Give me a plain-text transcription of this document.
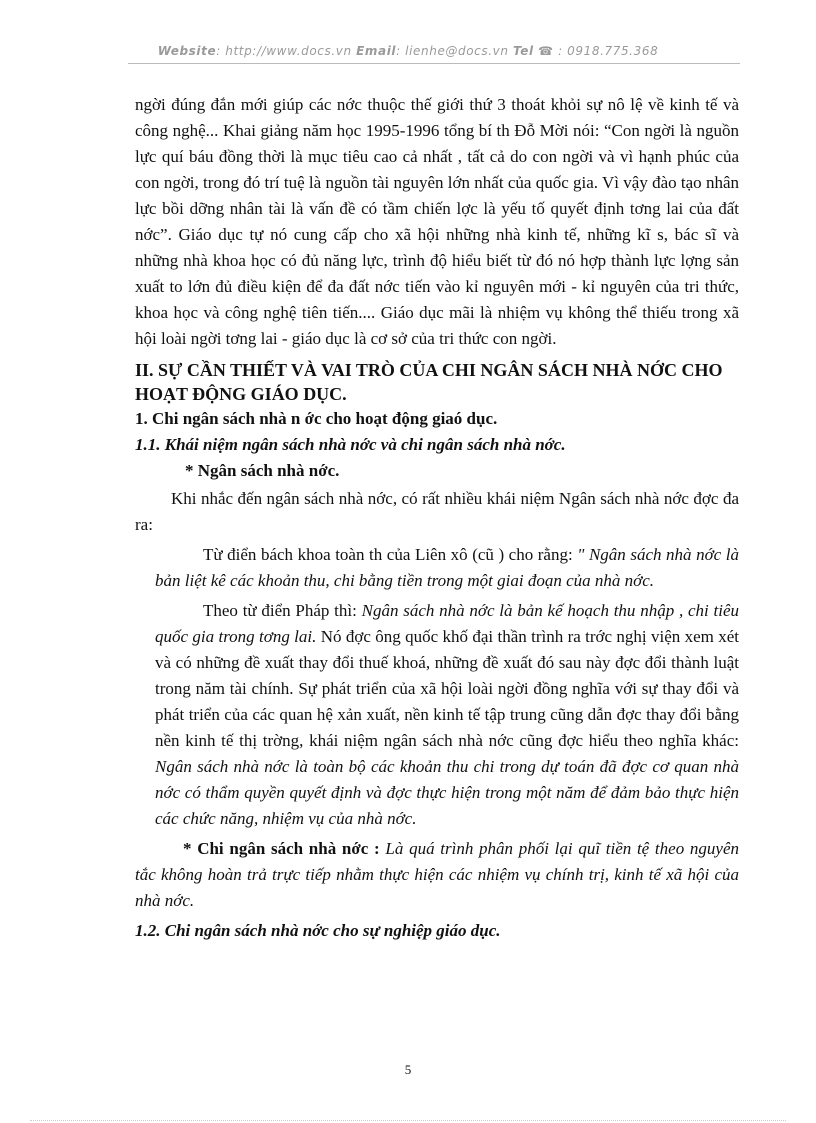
Website: http://www.docs.vn Email: lienhe@docs.vn Tel ☎ : 0918.775.368

ngời đúng đắn mới giúp các nớc thuộc thế giới thứ 3 thoát khỏi sự nô lệ về kinh tế và công nghệ... Khai giảng năm học 1995-1996 tổng bí th Đỗ Mời nói: “Con ngời là nguồn lực quí báu đồng thời là mục tiêu cao cả nhất , tất cả do con ngời và vì hạnh phúc của con ngời, trong đó trí tuệ là nguồn tài nguyên lớn nhất của quốc gia. Vì vậy đào tạo nhân lực bồi dỡng nhân tài là vấn đề có tầm chiến lợc là yếu tố quyết định tơng lai của đất nớc”. Giáo dục tự nó cung cấp cho xã hội những nhà kinh tế, những kĩ s, bác sĩ và những nhà khoa học có đủ năng lực, trình độ hiểu biết từ đó nó hợp thành lực lợng sản xuất to lớn đủ điều kiện để đa đất nớc tiến vào kỉ nguyên mới - kỉ nguyên của tri thức, khoa học và công nghệ tiên tiến.... Giáo dục mãi là nhiệm vụ không thể thiếu trong xã hội loài ngời tơng lai - giáo dục là cơ sở của tri thức con ngời.

II. SỰ CẦN THIẾT VÀ VAI TRÒ CỦA CHI NGÂN SÁCH NHÀ NỚC CHO HOẠT ĐỘNG GIÁO DỤC.
1. Chi ngân sách nhà n ớc cho hoạt động giaó dục.
1.1. Khái niệm ngân sách nhà nớc và chi ngân sách nhà nớc.
* Ngân sách nhà nớc.

Khi nhắc đến ngân sách nhà nớc, có rất nhiều khái niệm Ngân sách nhà nớc đợc đa ra:

Từ điển bách khoa toàn th của Liên xô (cũ ) cho rằng: " Ngân sách nhà nớc là bản liệt kê các khoản thu, chi bằng tiền trong một giai đoạn của nhà nớc.

Theo từ điển Pháp thì: Ngân sách nhà nớc là bản kế hoạch thu nhập , chi tiêu quốc gia trong tơng lai. Nó đợc ông quốc khố đại thần trình ra trớc nghị viện xem xét và có những đề xuất thay đổi thuế khoá, những đề xuất đó sau này đợc đổi thành luật trong năm tài chính. Sự phát triển của xã hội loài ngời đồng nghĩa với sự thay đổi và phát triển của các quan hệ xản xuất, nền kinh tế tập trung cũng dẫn đợc thay đổi bằng nền kinh tế thị trờng, khái niệm ngân sách nhà nớc cũng đợc hiểu theo nghĩa khác: Ngân sách nhà nớc là toàn bộ các khoản thu chi trong dự toán đã đợc cơ quan nhà nớc có thẩm quyền quyết định và đợc thực hiện trong một năm để đảm bảo thực hiện các chức năng, nhiệm vụ của nhà nớc.

* Chi ngân sách nhà nớc : Là quá trình phân phối lại quĩ tiền tệ theo nguyên tắc không hoàn trả trực tiếp nhằm thực hiện các nhiệm vụ chính trị, kinh tế xã hội của nhà nớc.

1.2. Chi ngân sách nhà nớc cho sự nghiệp giáo dục.
5
